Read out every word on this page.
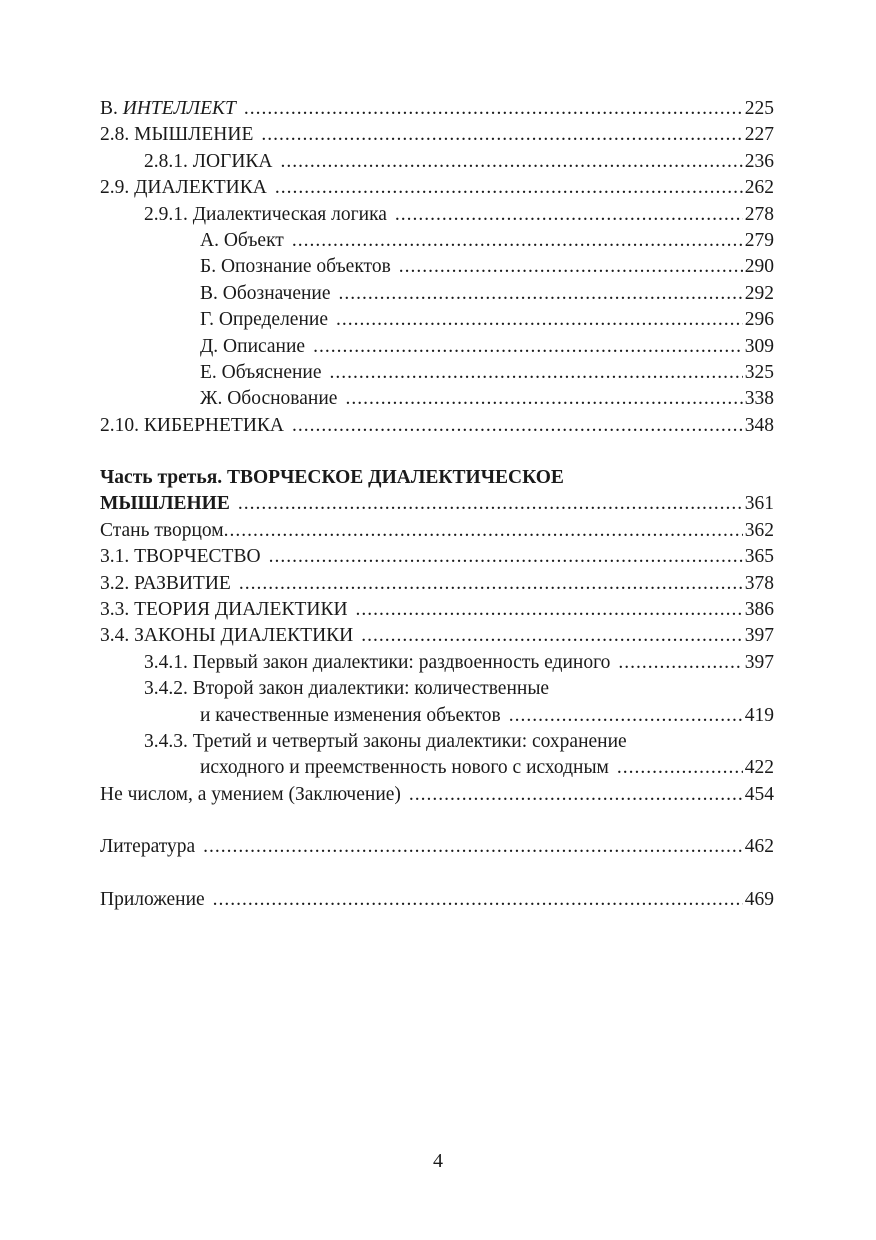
В. ИНТЕЛЛЕКТ .....	225
2.8. МЫШЛЕНИЕ .....	227
2.8.1. ЛОГИКА .....	236
2.9. ДИАЛЕКТИКА .....	262
2.9.1. Диалектическая логика .....	278
А. Объект .....	279
Б. Опознание объектов .....	290
В. Обозначение .....	292
Г. Определение .....	296
Д. Описание .....	309
Е. Объяснение .....	325
Ж. Обоснование .....	338
2.10. КИБЕРНЕТИКА .....	348
Часть третья. ТВОРЧЕСКОЕ ДИАЛЕКТИЧЕСКОЕ
МЫШЛЕНИЕ .....	361
Стань творцом .....	362
3.1. ТВОРЧЕСТВО .....	365
3.2. РАЗВИТИЕ .....	378
3.3. ТЕОРИЯ ДИАЛЕКТИКИ .....	386
3.4. ЗАКОНЫ ДИАЛЕКТИКИ .....	397
3.4.1. Первый закон диалектики: раздвоенность единого .....	397
3.4.2. Второй закон диалектики: количественные
и качественные изменения объектов .....	419
3.4.3. Третий и четвертый законы диалектики: сохранение
исходного и преемственность нового с исходным .....	422
Не числом, а умением (Заключение) .....	454
Литература .....	462
Приложение .....	469
4
